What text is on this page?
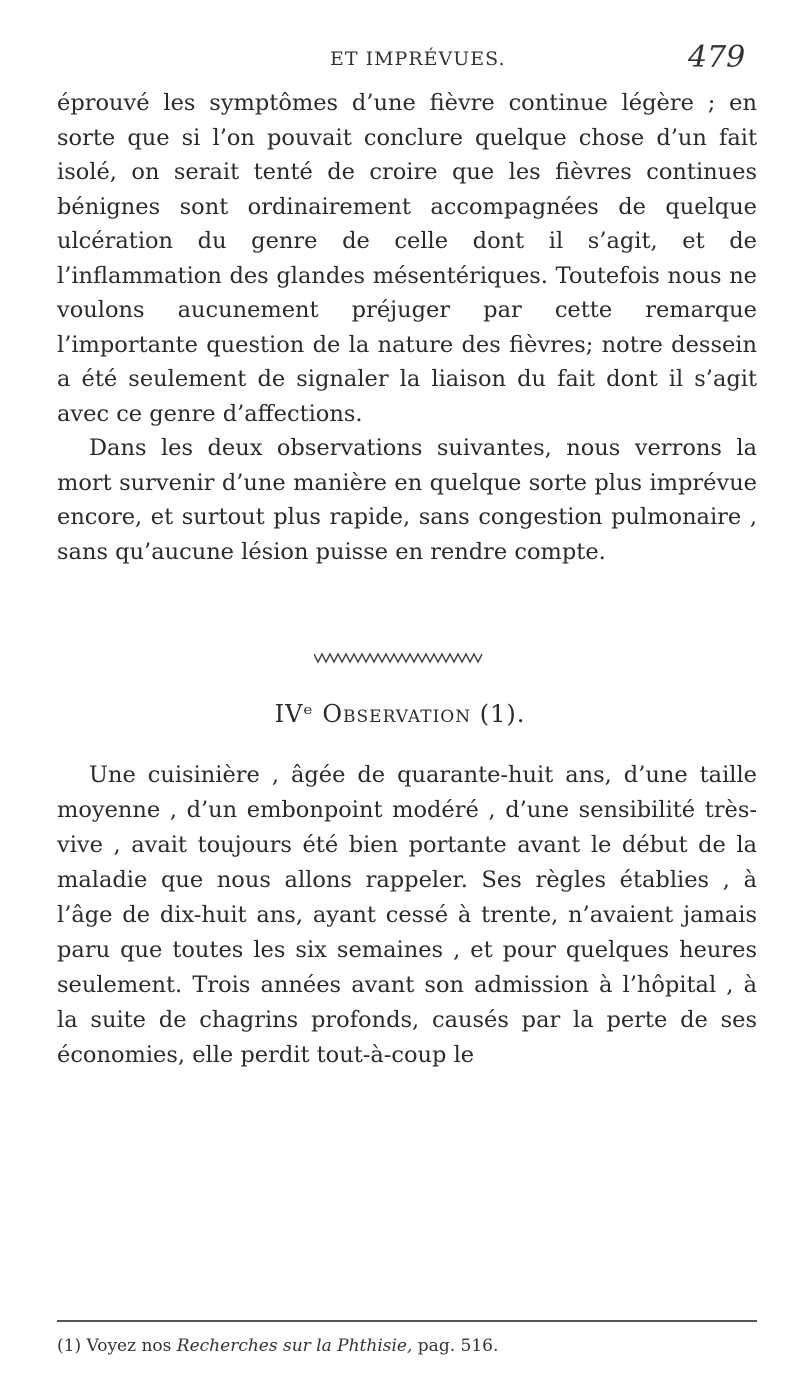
ET IMPRÉVUES.	479

éprouvé les symptômes d’une fièvre continue légère ; en sorte que si l’on pouvait conclure quelque chose d’un fait isolé, on serait tenté de croire que les fièvres continues bénignes sont ordinairement accompagnées de quelque ulcération du genre de celle dont il s’agit, et de l’inflammation des glandes mésentériques. Toutefois nous ne voulons aucunement préjuger par cette remarque l’importante question de la nature des fièvres; notre dessein a été seulement de signaler la liaison du fait dont il s’agit avec ce genre d’affections.

Dans les deux observations suivantes, nous verrons la mort survenir d’une manière en quelque sorte plus imprévue encore, et surtout plus rapide, sans congestion pulmonaire , sans qu’aucune lésion puisse en rendre compte.

IVᵉ Observation (1).

Une cuisinière , âgée de quarante-huit ans, d’une taille moyenne , d’un embonpoint modéré , d’une sensibilité très-vive , avait toujours été bien portante avant le début de la maladie que nous allons rappeler. Ses règles établies , à l’âge de dix-huit ans, ayant cessé à trente, n’avaient jamais paru que toutes les six semaines , et pour quelques heures seulement. Trois années avant son admission à l’hôpital , à la suite de chagrins profonds, causés par la perte de ses économies, elle perdit tout-à-coup le

(1) Voyez nos Recherches sur la Phthisie, pag. 516.
